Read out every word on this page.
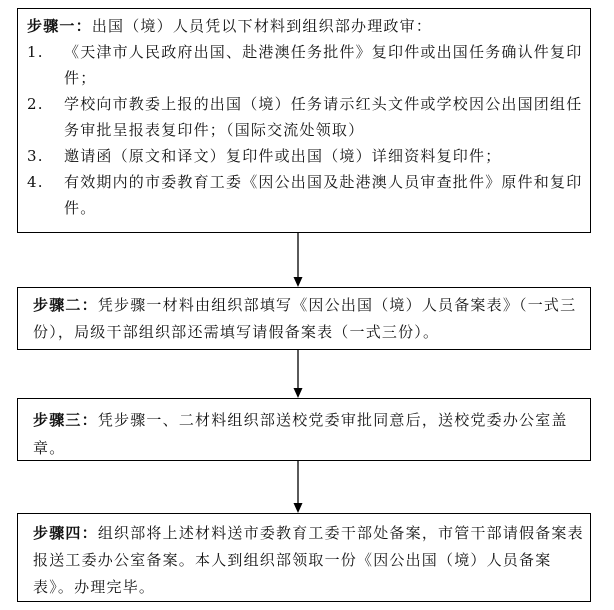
步骤一：出国（境）人员凭以下材料到组织部办理政审：
1. 《天津市人民政府出国、赴港澳任务批件》复印件或出国任务确认件复印件；
2. 学校向市教委上报的出国（境）任务请示红头文件或学校因公出国团组任务审批呈报表复印件；（国际交流处领取）
3. 邀请函（原文和译文）复印件或出国（境）详细资料复印件；
4. 有效期内的市委教育工委《因公出国及赴港澳人员审查批件》原件和复印件。
步骤二：凭步骤一材料由组织部填写《因公出国（境）人员备案表》（一式三份），局级干部组织部还需填写请假备案表（一式三份）。
步骤三：凭步骤一、二材料组织部送校党委审批同意后，送校党委办公室盖章。
步骤四：组织部将上述材料送市委教育工委干部处备案，市管干部请假备案表报送工委办公室备案。本人到组织部领取一份《因公出国（境）人员备案表》。办理完毕。
